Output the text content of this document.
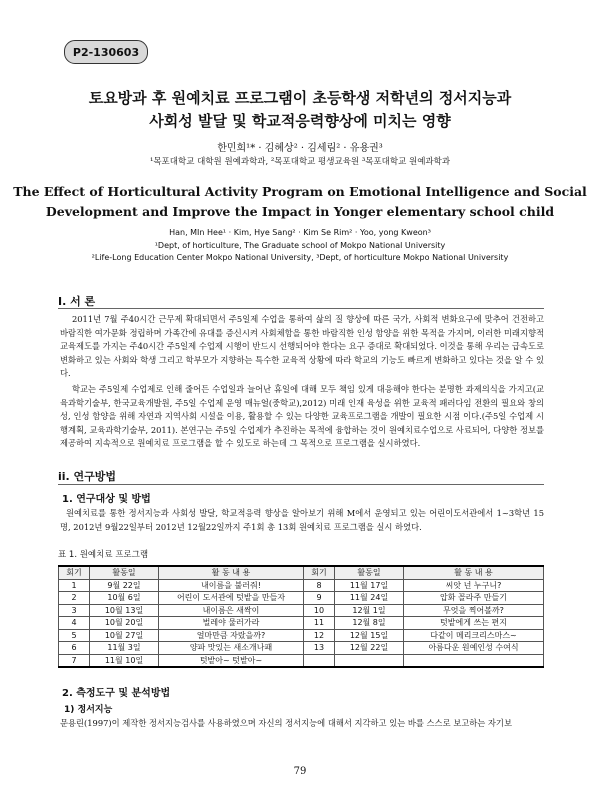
P2-130603
토요방과 후 원예치료 프로그램이 초등학생 저학년의 정서지능과
사회성 발달 및 학교적응력향상에 미치는 영향
한민희¹* · 김혜상² · 김세림² · 유용권³
¹목포대학교 대학원 원예과학과, ²목포대학교 평생교육원 ³목포대학교 원예과학과
The Effect of Horticultural Activity Program on Emotional Intelligence and Social
Development and Improve the Impact in Yonger elementary school child
Han, MIn Hee¹ · Kim, Hye Sang² · Kim Se Rim² · Yoo, yong Kweon³
¹Dept, of horticulture, The Graduate school of Mokpo National University
²Life-Long Education Center Mokpo National University, ³Dept, of horticulture Mokpo National University
I. 서 론
2011년 7월 주40시간 근무제 확대되면서 주5일제 수업을 통하여 삶의 질 향상에 따른 국가, 사회적 변화요구에 맞추어 건전하고 바람직한 여가문화 정립하며 가족간에 유대를 증신시켜 사회체함을 통한 바람직한 인성 함양을 위한 목적을 가지며, 이러한 미래지향적 교육제도를 가지는 주40시간 주5일제 수업제 시행이 반드시 선행되어야 한다는 요구 증대로 확대되었다. 이것을 통해 우리는 급속도로 변화하고 있는 사회와 학생 그리고 학부모가 지향하는 특수한 교육적 상황에 따라 학교의 기능도 빠르게 변화하고 있다는 것을 알 수 있다.
학교는 주5일제 수업제로 인해 줄어든 수업일과 늘어난 휴일에 대해 모두 책임 있게 대응해야 한다는 분명한 과제의식을 가지고(교육과학기술부, 한국교육개발원, 주5일 수업제 운영 매뉴얼(중학교),2012) 미래 인재 육성을 위한 교육적 패러다임 전환의 필요와 창의성, 인성 함양을 위해 자연과 지역사회 시설을 이용, 활용할 수 있는 다양한 교육프로그램을 개발이 필요한 시점 이다.(주5일 수업제 시행계획, 교육과학기술부, 2011). 본연구는 주5일 수업제가 추진하는 목적에 융합하는 것이 원예치료수업으로 사료되어, 다양한 정보를 제공하여 지속적으로 원예치료 프로그램을 할 수 있도로 하는데 그 목적으로 프로그램을 실시하였다.
ii. 연구방법
1. 연구대상 및 방법
원예치료를 통한 정서지능과 사회성 발달, 학교적응력 향상을 알아보기 위해 M에서 운영되고 있는 어린이도서관에서 1~3학년 15명, 2012년 9월22일부터 2012년 12월22일까지 주1회 총 13회 원예치료 프로그램을 실시 하였다.
표 1. 원예치료 프로그램
회기	활동일	활 동 내 용	회기	활동일	활 동 내 용
1	9월 22일	내이름을 불러줘!	8	11월 17일	씨앗 넌 누구니?
2	10월 6일	어린이 도서관에 텃밭을 만들자	9	11월 24일	압화 꼴라주 만들기
3	10월 13일	내이름은 새싹이	10	12월 1일	무엇을 찍어볼까?
4	10월 20일	벌레야 물러가라	11	12월 8일	텃밭에게 쓰는 편지
5	10월 27일	얼마만큼 자랐을까?	12	12월 15일	다같이 메리크리스마스~
6	11월 3일	양파 맛있는 새소개나패	13	12월 22일	아름다운 원예인성 수여식
7	11월 10일	텃밭아~ 텃밭아~			
2. 측정도구 및 분석방법
1) 정서지능
문용린(1997)이 제작한 정서지능검사를 사용하였으며 자신의 정서지능에 대해서 지각하고 있는 바를 스스로 보고하는 자기보
79
